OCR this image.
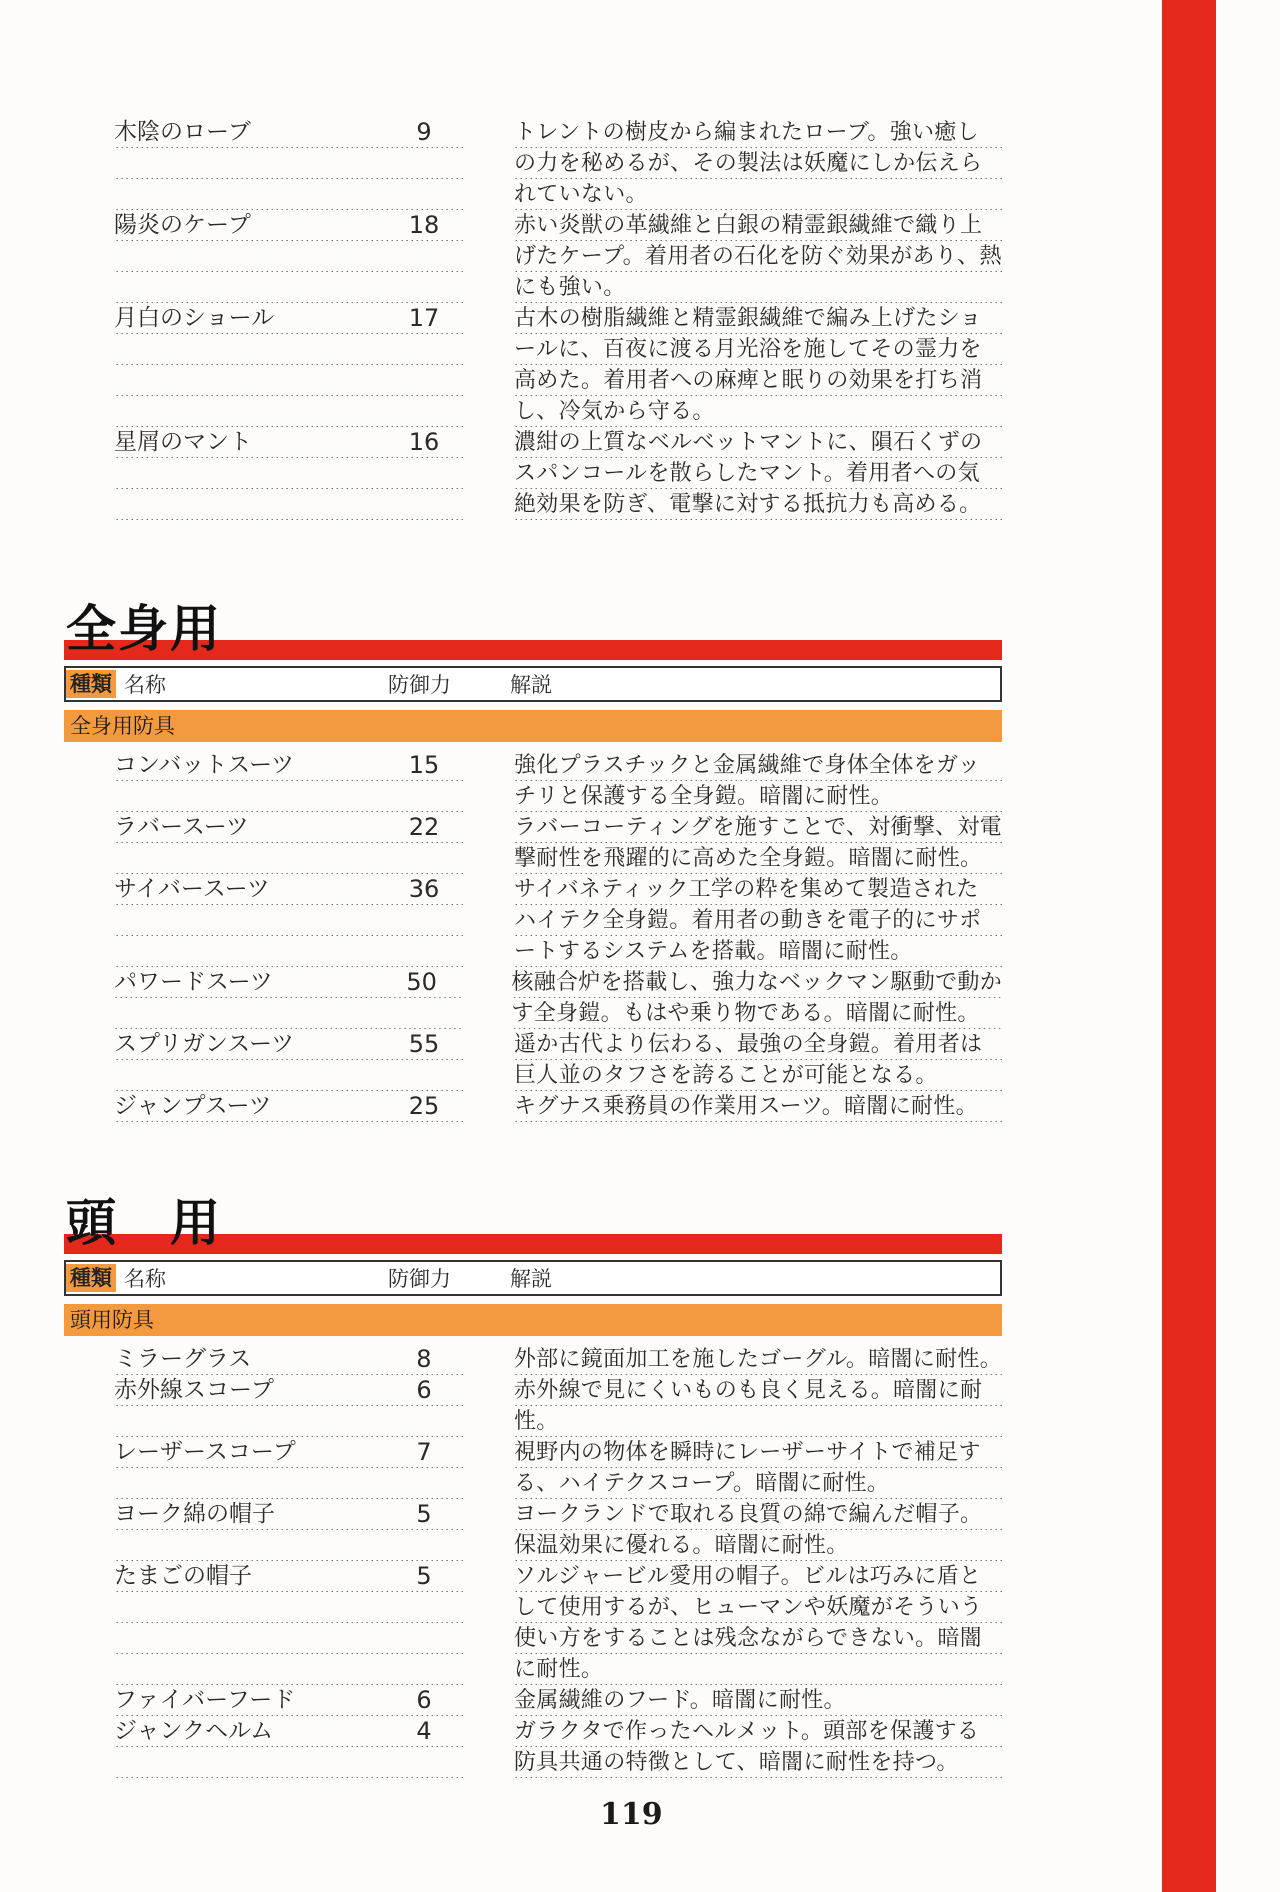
木陰のローブ	9	トレントの樹皮から編まれたローブ。強い癒し
の力を秘めるが、その製法は妖魔にしか伝えら
れていない。
陽炎のケープ	18	赤い炎獣の革繊維と白銀の精霊銀繊維で織り上
げたケープ。着用者の石化を防ぐ効果があり、熱
にも強い。
月白のショール	17	古木の樹脂繊維と精霊銀繊維で編み上げたショ
ールに、百夜に渡る月光浴を施してその霊力を
高めた。着用者への麻痺と眠りの効果を打ち消
し、冷気から守る。
星屑のマント	16	濃紺の上質なベルベットマントに、隕石くずの
スパンコールを散らしたマント。着用者への気
絶効果を防ぎ、電撃に対する抵抗力も高める。
全身用
種類 名称	防御力	解説
全身用防具
コンバットスーツ	15	強化プラスチックと金属繊維で身体全体をガッ
チリと保護する全身鎧。暗闇に耐性。
ラバースーツ	22	ラバーコーティングを施すことで、対衝撃、対電
撃耐性を飛躍的に高めた全身鎧。暗闇に耐性。
サイバースーツ	36	サイバネティック工学の粋を集めて製造された
ハイテク全身鎧。着用者の動きを電子的にサポ
ートするシステムを搭載。暗闇に耐性。
パワードスーツ	50	核融合炉を搭載し、強力なベックマン駆動で動か
す全身鎧。もはや乗り物である。暗闇に耐性。
スプリガンスーツ	55	遥か古代より伝わる、最強の全身鎧。着用者は
巨人並のタフさを誇ることが可能となる。
ジャンプスーツ	25	キグナス乗務員の作業用スーツ。暗闇に耐性。
頭　用
種類 名称	防御力	解説
頭用防具
ミラーグラス	8	外部に鏡面加工を施したゴーグル。暗闇に耐性。
赤外線スコープ	6	赤外線で見にくいものも良く見える。暗闇に耐
性。
レーザースコープ	7	視野内の物体を瞬時にレーザーサイトで補足す
る、ハイテクスコープ。暗闇に耐性。
ヨーク綿の帽子	5	ヨークランドで取れる良質の綿で編んだ帽子。
保温効果に優れる。暗闇に耐性。
たまごの帽子	5	ソルジャービル愛用の帽子。ビルは巧みに盾と
して使用するが、ヒューマンや妖魔がそういう
使い方をすることは残念ながらできない。暗闇
に耐性。
ファイバーフード	6	金属繊維のフード。暗闇に耐性。
ジャンクヘルム	4	ガラクタで作ったヘルメット。頭部を保護する
防具共通の特徴として、暗闇に耐性を持つ。
119
